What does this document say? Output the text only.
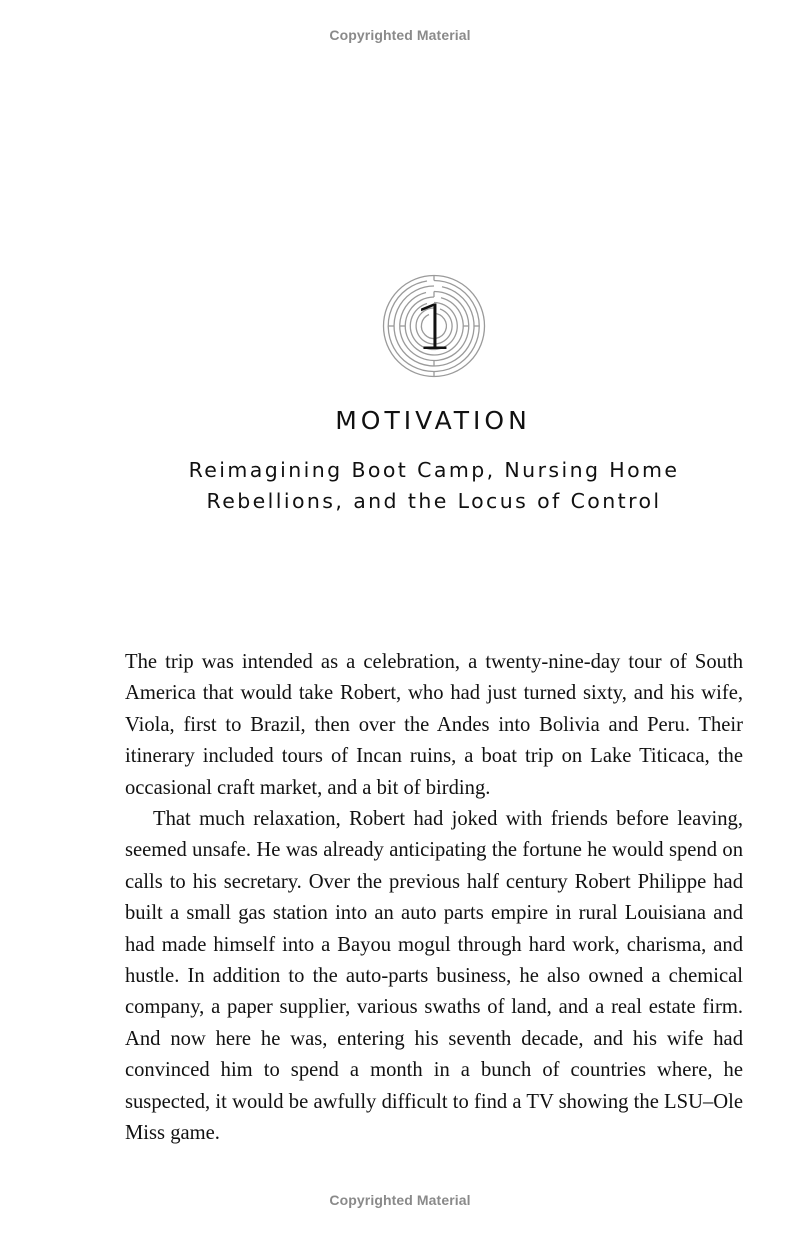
Copyrighted Material
1
MOTIVATION
Reimagining Boot Camp, Nursing Home
Rebellions, and the Locus of Control

The trip was intended as a celebration, a twenty-nine-day tour of South America that would take Robert, who had just turned sixty, and his wife, Viola, first to Brazil, then over the Andes into Bolivia and Peru. Their itinerary included tours of Incan ruins, a boat trip on Lake Titicaca, the occasional craft market, and a bit of birding.

That much relaxation, Robert had joked with friends before leaving, seemed unsafe. He was already anticipating the fortune he would spend on calls to his secretary. Over the previous half century Robert Philippe had built a small gas station into an auto parts empire in rural Louisiana and had made himself into a Bayou mogul through hard work, charisma, and hustle. In addition to the auto-parts business, he also owned a chemical company, a paper supplier, various swaths of land, and a real estate firm. And now here he was, entering his seventh decade, and his wife had convinced him to spend a month in a bunch of countries where, he suspected, it would be awfully difficult to find a TV showing the LSU–Ole Miss game.

Copyrighted Material
